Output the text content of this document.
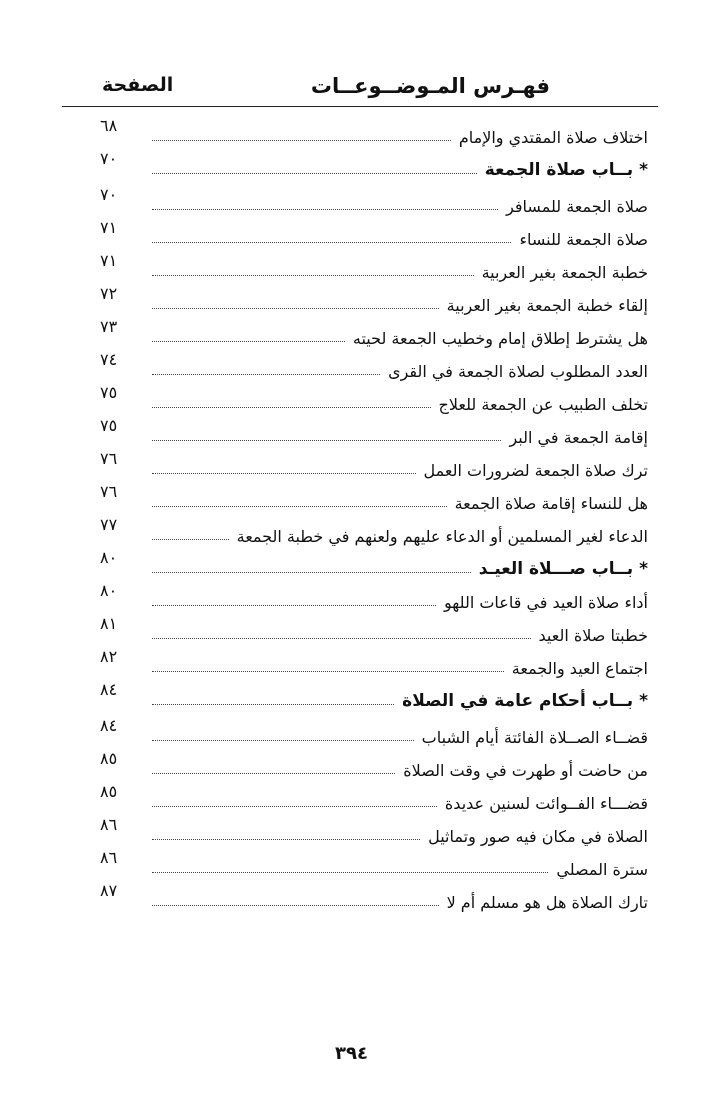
فهـرس المـوضــوعــات
الصفحة
اختلاف صلاة المقتدي والإمام
٦٨
* بــاب صلاة الجمعة
٧٠
صلاة الجمعة للمسافر
٧٠
صلاة الجمعة للنساء
٧١
خطبة الجمعة بغير العربية
٧١
إلقاء خطبة الجمعة بغير العربية
٧٢
هل يشترط إطلاق إمام وخطيب الجمعة لحيته
٧٣
العدد المطلوب لصلاة الجمعة في القرى
٧٤
تخلف الطبيب عن الجمعة للعلاج
٧٥
إقامة الجمعة في البر
٧٥
ترك صلاة الجمعة لضرورات العمل
٧٦
هل للنساء إقامة صلاة الجمعة
٧٦
الدعاء لغير المسلمين أو الدعاء عليهم ولعنهم في خطبة الجمعة
٧٧
* بــاب صـــلاة العيـد
٨٠
أداء صلاة العيد في قاعات اللهو
٨٠
خطبتا صلاة العيد
٨١
اجتماع العيد والجمعة
٨٢
* بــاب أحكام عامة في الصلاة
٨٤
قضــاء الصــلاة الفائتة أيام الشباب
٨٤
من حاضت أو طهرت في وقت الصلاة
٨٥
قضـــاء الفــوائت لسنين عديدة
٨٥
الصلاة في مكان فيه صور وتماثيل
٨٦
سترة المصلي
٨٦
تارك الصلاة هل هو مسلم أم لا
٨٧
٣٩٤
